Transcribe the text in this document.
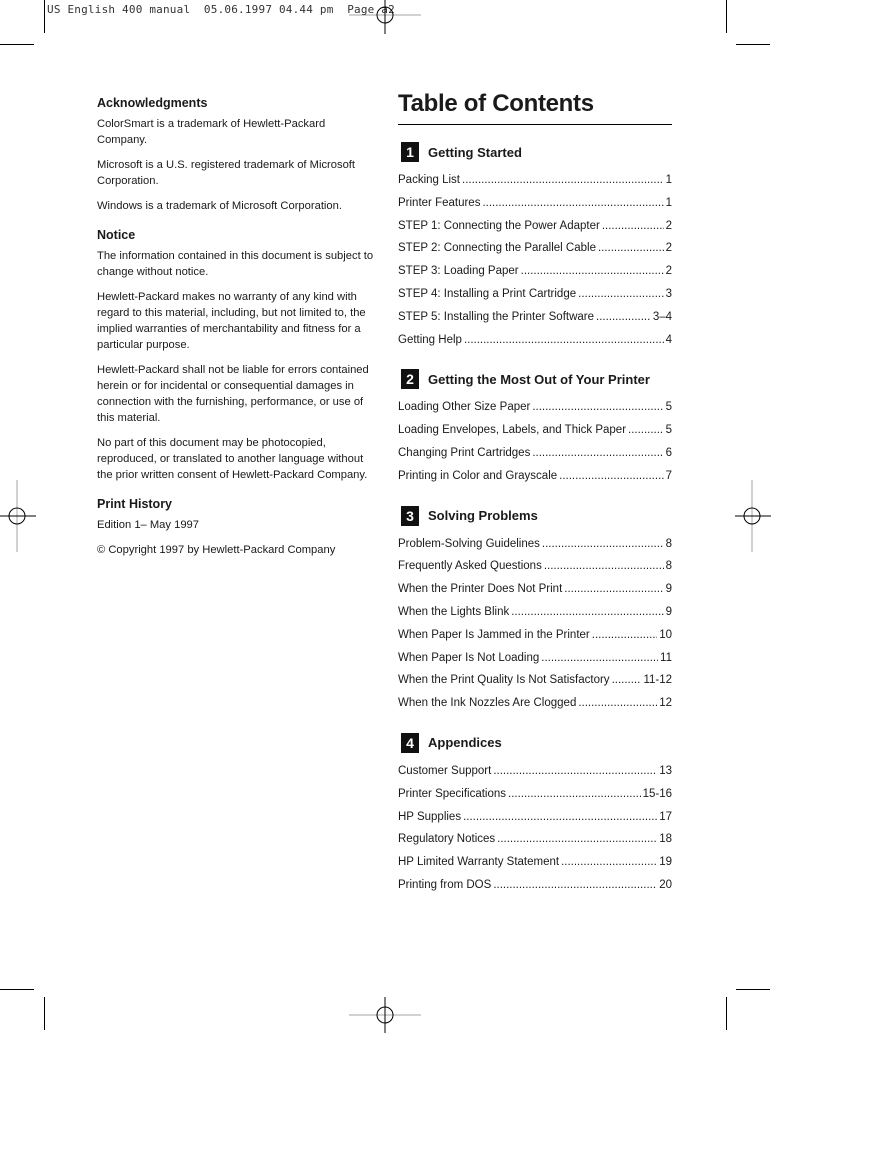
US English 400 manual  05.06.1997 04.44 pm  Page a2
Acknowledgments

ColorSmart is a trademark of Hewlett-Packard Company.

Microsoft is a U.S. registered trademark of Microsoft Corporation.

Windows is a trademark of Microsoft Corporation.

Notice

The information contained in this document is subject to change without notice.

Hewlett-Packard makes no warranty of any kind with regard to this material, including, but not limited to, the implied warranties of merchantability and fitness for a particular purpose.

Hewlett-Packard shall not be liable for errors contained herein or for incidental or consequential damages in connection with the furnishing, performance, or use of this material.

No part of this document may be photocopied, reproduced, or translated to another language without the prior written consent of Hewlett-Packard Company.

Print History

Edition 1– May 1997

© Copyright 1997 by Hewlett-Packard Company

Table of Contents
1	Getting Started
Packing List . . .	1
Printer Features . . .	1
STEP 1: Connecting the Power Adapter . . .	2
STEP 2: Connecting the Parallel Cable . . .	2
STEP 3: Loading Paper . . .	2
STEP 4: Installing a Print Cartridge . . .	3
STEP 5: Installing the Printer Software . . .	3–4
Getting Help . . .	4
2	Getting the Most Out of Your Printer
Loading Other Size Paper . . .	5
Loading Envelopes, Labels, and Thick Paper . . .	5
Changing Print Cartridges . . .	6
Printing in Color and Grayscale . . .	7
3	Solving Problems
Problem-Solving Guidelines . . .	8
Frequently Asked Questions . . .	8
When the Printer Does Not Print . . .	9
When the Lights Blink . . .	9
When Paper Is Jammed in the Printer . . .	10
When Paper Is Not Loading . . .	11
When the Print Quality Is Not Satisfactory . . .	11-12
When the Ink Nozzles Are Clogged . . .	12
4	Appendices
Customer Support . . .	13
Printer Specifications . . .	15-16
HP Supplies . . .	17
Regulatory Notices . . .	18
HP Limited Warranty Statement . . .	19
Printing from DOS . . .	20
